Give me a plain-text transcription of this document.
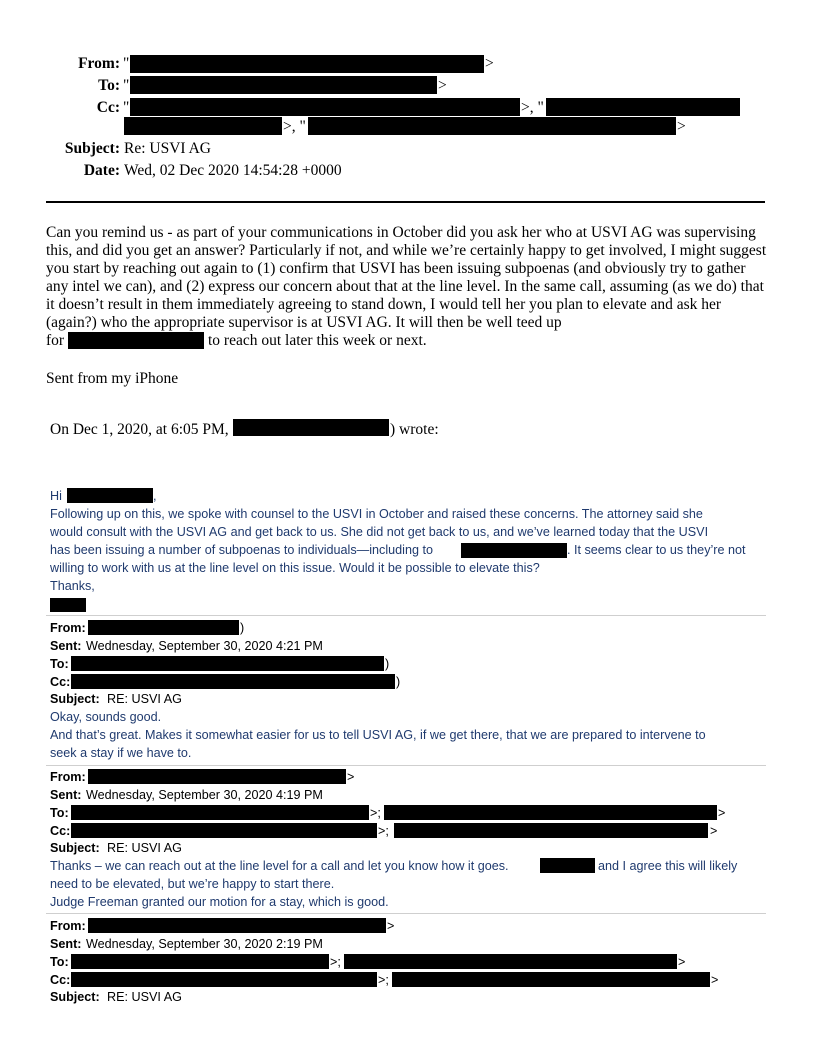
From: "	>
To: "	>
Cc: "	>, "
>, "	>
Subject: Re: USVI AG
Date: Wed, 02 Dec 2020 14:54:28 +0000
Can you remind us - as part of your communications in October did you ask her who at USVI AG was supervising this, and did you get an answer? Particularly if not, and while we’re certainly happy to get involved, I might suggest you start by reaching out again to (1) confirm that USVI has been issuing subpoenas (and obviously try to gather any intel we can), and (2) express our concern about that at the line level. In the same call, assuming (as we do) that it doesn’t result in them immediately agreeing to stand down, I would tell her you plan to elevate and ask her (again?) who the appropriate supervisor is at USVI AG. It will then be well teed up
for	to reach out later this week or next.
Sent from my iPhone
On Dec 1, 2020, at 6:05 PM,	) wrote:
Hi	,
Following up on this, we spoke with counsel to the USVI in October and raised these concerns. The attorney said she
would consult with the USVI AG and get back to us. She did not get back to us, and we’ve learned today that the USVI
has been issuing a number of subpoenas to individuals—including to	. It seems clear to us they’re not
willing to work with us at the line level on this issue. Would it be possible to elevate this?
Thanks,
From:	)
Sent: Wednesday, September 30, 2020 4:21 PM
To:	)
Cc:	)
Subject: RE: USVI AG
Okay, sounds good.
And that’s great. Makes it somewhat easier for us to tell USVI AG, if we get there, that we are prepared to intervene to
seek a stay if we have to.
From:	>
Sent: Wednesday, September 30, 2020 4:19 PM
To:	>;	>
Cc:	>;	>
Subject: RE: USVI AG
Thanks – we can reach out at the line level for a call and let you know how it goes.	and I agree this will likely
need to be elevated, but we’re happy to start there.
Judge Freeman granted our motion for a stay, which is good.
From:	>
Sent: Wednesday, September 30, 2020 2:19 PM
To:	>;	>
Cc:	>;	>
Subject: RE: USVI AG
